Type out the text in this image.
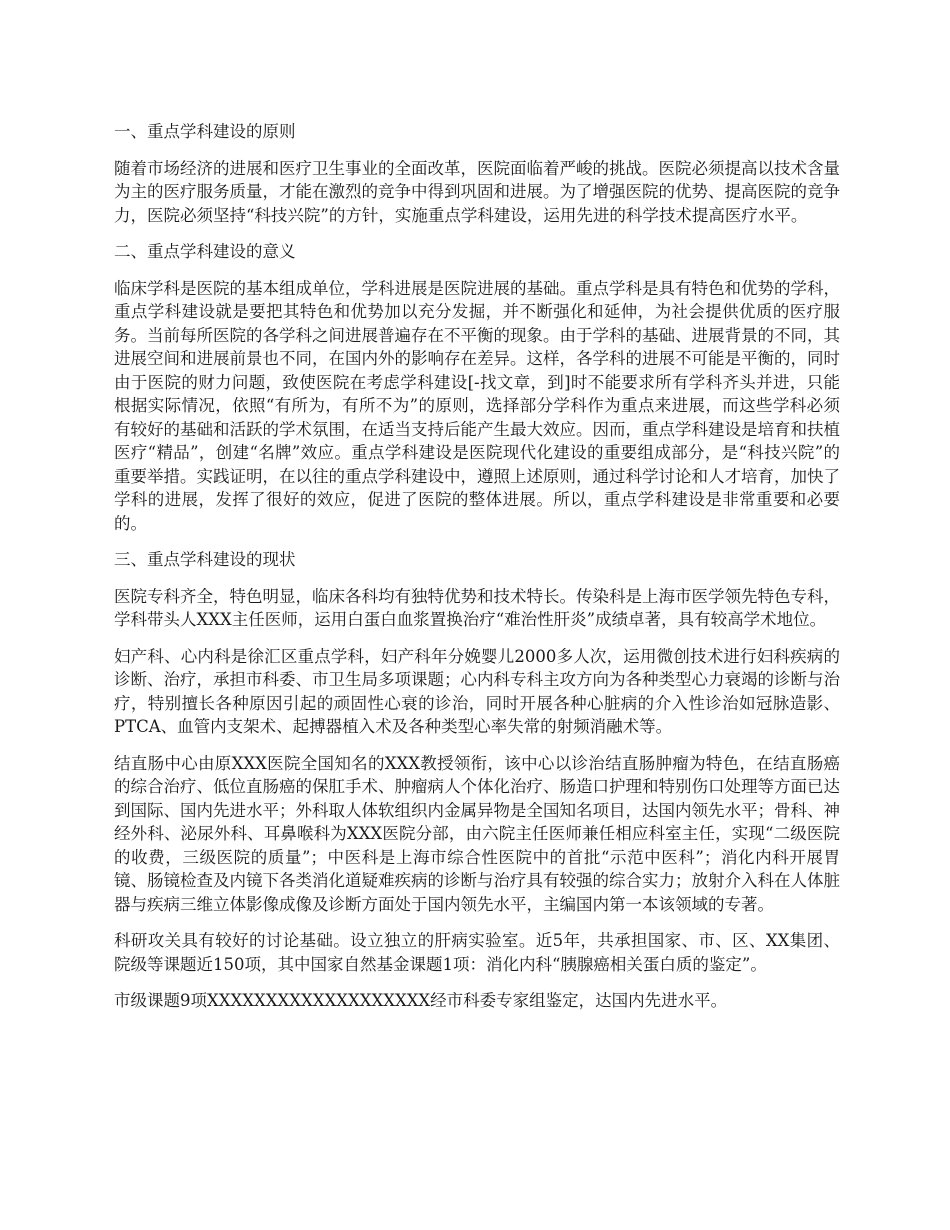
一、重点学科建设的原则

随着市场经济的进展和医疗卫生事业的全面改革，医院面临着严峻的挑战。医院必须提高以技术含量为主的医疗服务质量，才能在激烈的竞争中得到巩固和进展。为了增强医院的优势、提高医院的竞争力，医院必须坚持“科技兴院”的方针，实施重点学科建设，运用先进的科学技术提高医疗水平。

二、重点学科建设的意义

临床学科是医院的基本组成单位，学科进展是医院进展的基础。重点学科是具有特色和优势的学科，重点学科建设就是要把其特色和优势加以充分发掘，并不断强化和延伸，为社会提供优质的医疗服务。当前每所医院的各学科之间进展普遍存在不平衡的现象。由于学科的基础、进展背景的不同，其进展空间和进展前景也不同，在国内外的影响存在差异。这样，各学科的进展不可能是平衡的，同时由于医院的财力问题，致使医院在考虑学科建设[-找文章，到]时不能要求所有学科齐头并进，只能根据实际情况，依照“有所为，有所不为”的原则，选择部分学科作为重点来进展，而这些学科必须有较好的基础和活跃的学术氛围，在适当支持后能产生最大效应。因而，重点学科建设是培育和扶植医疗“精品”，创建“名牌”效应。重点学科建设是医院现代化建设的重要组成部分，是“科技兴院”的重要举措。实践证明，在以往的重点学科建设中，遵照上述原则，通过科学讨论和人才培育，加快了学科的进展，发挥了很好的效应，促进了医院的整体进展。所以，重点学科建设是非常重要和必要的。

三、重点学科建设的现状

医院专科齐全，特色明显，临床各科均有独特优势和技术特长。传染科是上海市医学领先特色专科，学科带头人XXX主任医师，运用白蛋白血浆置换治疗“难治性肝炎”成绩卓著，具有较高学术地位。

妇产科、心内科是徐汇区重点学科，妇产科年分娩婴儿2000多人次，运用微创技术进行妇科疾病的诊断、治疗，承担市科委、市卫生局多项课题；心内科专科主攻方向为各种类型心力衰竭的诊断与治疗，特别擅长各种原因引起的顽固性心衰的诊治，同时开展各种心脏病的介入性诊治如冠脉造影、PTCA、血管内支架术、起搏器植入术及各种类型心率失常的射频消融术等。

结直肠中心由原XXX医院全国知名的XXX教授领衔，该中心以诊治结直肠肿瘤为特色，在结直肠癌的综合治疗、低位直肠癌的保肛手术、肿瘤病人个体化治疗、肠造口护理和特别伤口处理等方面已达到国际、国内先进水平；外科取人体软组织内金属异物是全国知名项目，达国内领先水平；骨科、神经外科、泌尿外科、耳鼻喉科为XXX医院分部，由六院主任医师兼任相应科室主任，实现“二级医院的收费，三级医院的质量”；中医科是上海市综合性医院中的首批“示范中医科”；消化内科开展胃镜、肠镜检查及内镜下各类消化道疑难疾病的诊断与治疗具有较强的综合实力；放射介入科在人体脏器与疾病三维立体影像成像及诊断方面处于国内领先水平，主编国内第一本该领域的专著。

科研攻关具有较好的讨论基础。设立独立的肝病实验室。近5年，共承担国家、市、区、XX集团、院级等课题近150项，其中国家自然基金课题1项：消化内科“胰腺癌相关蛋白质的鉴定”。

市级课题9项XXXXXXXXXXXXXXXXXXX经市科委专家组鉴定，达国内先进水平。
